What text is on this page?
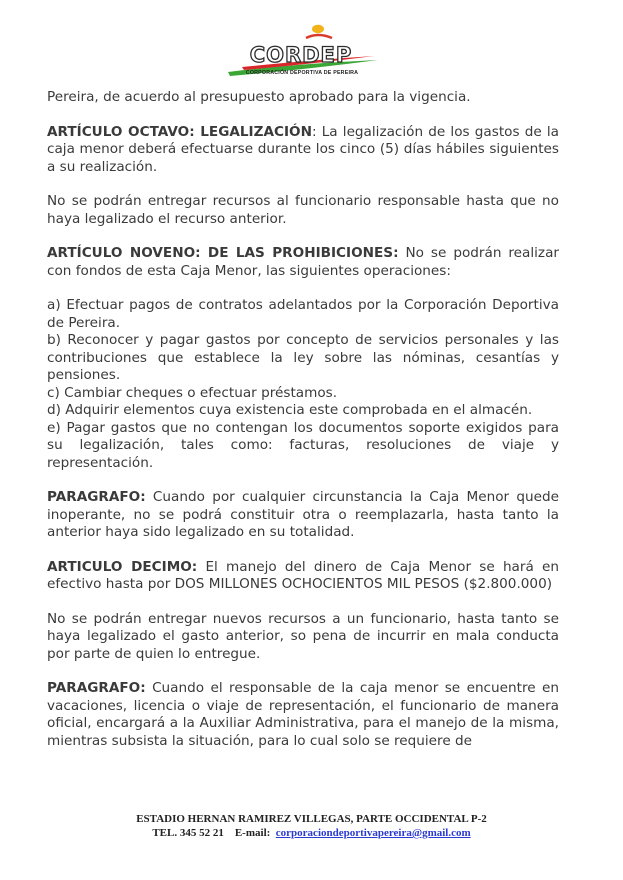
CORDEP
CORPORACIÓN DEPORTIVA DE PEREIRA

Pereira, de acuerdo al presupuesto aprobado para la vigencia.

ARTÍCULO OCTAVO: LEGALIZACIÓN: La legalización de los gastos de la caja menor deberá efectuarse durante los cinco (5) días hábiles siguientes a su realización.

No se podrán entregar recursos al funcionario responsable hasta que no haya legalizado el recurso anterior.

ARTÍCULO NOVENO: DE LAS PROHIBICIONES: No se podrán realizar con fondos de esta Caja Menor, las siguientes operaciones:

a) Efectuar pagos de contratos adelantados por la Corporación Deportiva de Pereira.

b) Reconocer y pagar gastos por concepto de servicios personales y las contribuciones que establece la ley sobre las nóminas, cesantías y pensiones.

c) Cambiar cheques o efectuar préstamos.

d) Adquirir elementos cuya existencia este comprobada en el almacén.

e) Pagar gastos que no contengan los documentos soporte exigidos para su legalización, tales como: facturas, resoluciones de viaje y representación.

PARAGRAFO: Cuando por cualquier circunstancia la Caja Menor quede inoperante, no se podrá constituir otra o reemplazarla, hasta tanto la anterior haya sido legalizado en su totalidad.

ARTICULO DECIMO: El manejo del dinero de Caja Menor se hará en efectivo hasta por DOS MILLONES OCHOCIENTOS MIL PESOS ($2.800.000)

No se podrán entregar nuevos recursos a un funcionario, hasta tanto se haya legalizado el gasto anterior, so pena de incurrir en mala conducta por parte de quien lo entregue.

PARAGRAFO: Cuando el responsable de la caja menor se encuentre en vacaciones, licencia o viaje de representación, el funcionario de manera oficial, encargará a la Auxiliar Administrativa, para el manejo de la misma, mientras subsista la situación, para lo cual solo se requiere de

ESTADIO HERNAN RAMIREZ VILLEGAS, PARTE OCCIDENTAL P-2
TEL. 345 52 21 E-mail: corporaciondeportivapereira@gmail.com
